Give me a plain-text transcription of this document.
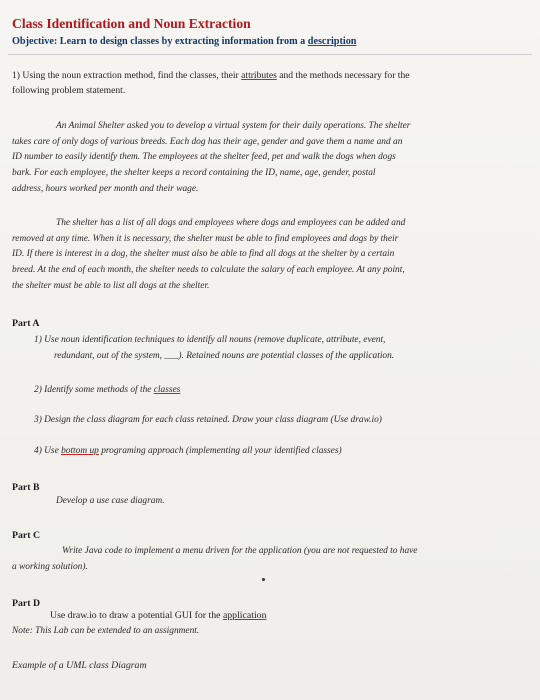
Class Identification and Noun Extraction
Objective: Learn to design classes by extracting information from a description
1) Using the noun extraction method, find the classes, their attributes and the methods necessary for the
following problem statement.
An Animal Shelter asked you to develop a virtual system for their daily operations. The shelter
takes care of only dogs of various breeds. Each dog has their age, gender and gave them a name and an
ID number to easily identify them. The employees at the shelter feed, pet and walk the dogs when dogs
bark. For each employee, the shelter keeps a record containing the ID, name, age, gender, postal
address, hours worked per month and their wage.
The shelter has a list of all dogs and employees where dogs and employees can be added and
removed at any time. When it is necessary, the shelter must be able to find employees and dogs by their
ID. If there is interest in a dog, the shelter must also be able to find all dogs at the shelter by a certain
breed. At the end of each month, the shelter needs to calculate the salary of each employee. At any point,
the shelter must be able to list all dogs at the shelter.
Part A
1) Use noun identification techniques to identify all nouns (remove duplicate, attribute, event,
redundant, out of the system, ___). Retained nouns are potential classes of the application.
2) Identify some methods of the classes
3) Design the class diagram for each class retained. Draw your class diagram (Use draw.io)
4) Use bottom up programing approach (implementing all your identified classes)
Part B
Develop a use case diagram.
Part C
Write Java code to implement a menu driven for the application (you are not requested to have
a working solution).
Part D
Use draw.io to draw a potential GUI for the application
Note: This Lab can be extended to an assignment.
Example of a UML class Diagram
